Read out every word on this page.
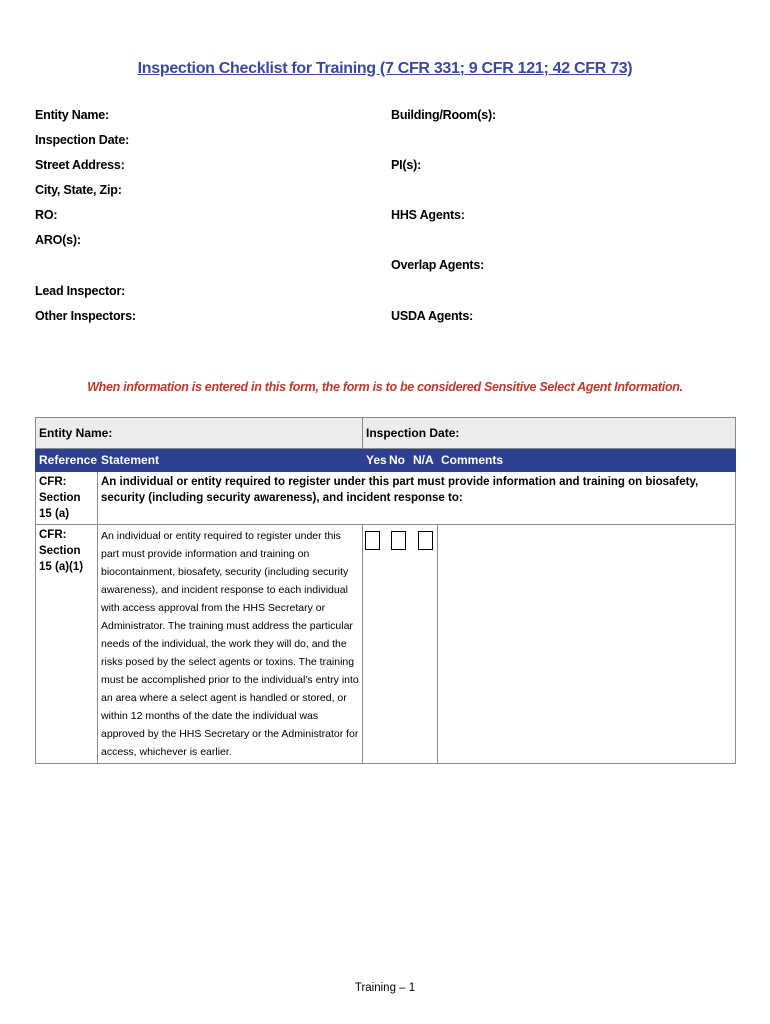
Inspection Checklist for Training (7 CFR 331; 9 CFR 121; 42 CFR 73)
Entity Name:
Inspection Date:
Street Address:
City, State, Zip:
RO:
ARO(s):
Lead Inspector:
Other Inspectors:
Building/Room(s):
PI(s):
HHS Agents:
Overlap Agents:
USDA Agents:
When information is entered in this form, the form is to be considered Sensitive Select Agent Information.
Entity Name:		Inspection Date:			
Reference	Statement	Yes	No	N/A	Comments
CFR: Section 15 (a)	An individual or entity required to register under this part must provide information and training on biosafety, security (including security awareness), and incident response to:				
CFR: Section 15 (a)(1)	An individual or entity required to register under this part must provide information and training on biocontainment, biosafety, security (including security awareness), and incident response to each individual with access approval from the HHS Secretary or Administrator. The training must address the particular needs of the individual, the work they will do, and the risks posed by the select agents or toxins. The training must be accomplished prior to the individual’s entry into an area where a select agent is handled or stored, or within 12 months of the date the individual was approved by the HHS Secretary or the Administrator for access, whichever is earlier.				
Training – 1
